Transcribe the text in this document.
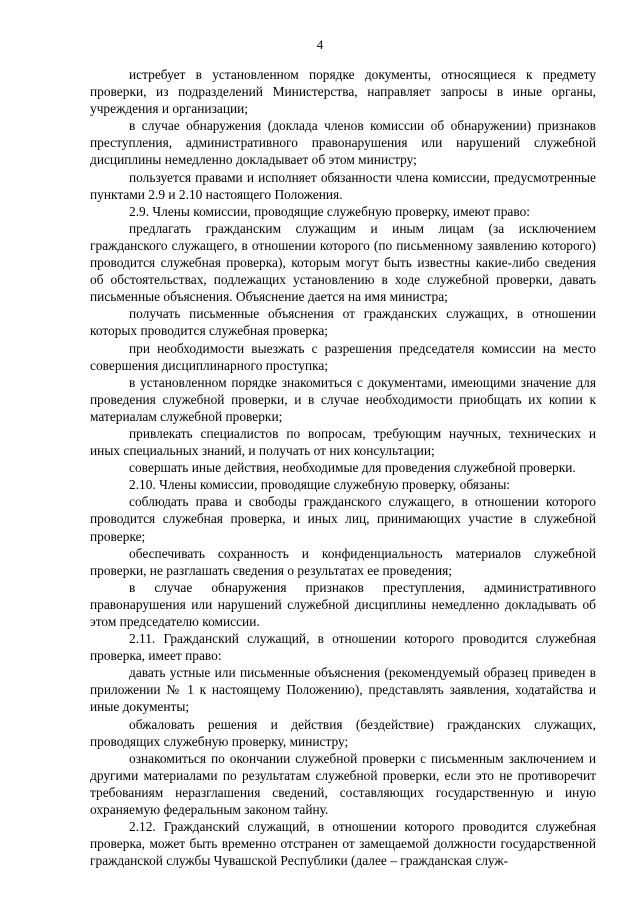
4

истребует в установленном порядке документы, относящиеся к предмету проверки, из подразделений Министерства, направляет запросы в иные органы, учреждения и организации;

в случае обнаружения (доклада членов комиссии об обнаружении) признаков преступления, административного правонарушения или нарушений служебной дисциплины немедленно докладывает об этом министру;

пользуется правами и исполняет обязанности члена комиссии, предусмотренные пунктами 2.9 и 2.10 настоящего Положения.

2.9. Члены комиссии, проводящие служебную проверку, имеют право:

предлагать гражданским служащим и иным лицам (за исключением гражданского служащего, в отношении которого (по письменному заявлению которого) проводится служебная проверка), которым могут быть известны какие-либо сведения об обстоятельствах, подлежащих установлению в ходе служебной проверки, давать письменные объяснения. Объяснение дается на имя министра;

получать письменные объяснения от гражданских служащих, в отношении которых проводится служебная проверка;

при необходимости выезжать с разрешения председателя комиссии на место совершения дисциплинарного проступка;

в установленном порядке знакомиться с документами, имеющими значение для проведения служебной проверки, и в случае необходимости приобщать их копии к материалам служебной проверки;

привлекать специалистов по вопросам, требующим научных, технических и иных специальных знаний, и получать от них консультации;

совершать иные действия, необходимые для проведения служебной проверки.

2.10. Члены комиссии, проводящие служебную проверку, обязаны:

соблюдать права и свободы гражданского служащего, в отношении которого проводится служебная проверка, и иных лиц, принимающих участие в служебной проверке;

обеспечивать сохранность и конфиденциальность материалов служебной проверки, не разглашать сведения о результатах ее проведения;

в случае обнаружения признаков преступления, административного правонарушения или нарушений служебной дисциплины немедленно докладывать об этом председателю комиссии.

2.11. Гражданский служащий, в отношении которого проводится служебная проверка, имеет право:

давать устные или письменные объяснения (рекомендуемый образец приведен в приложении № 1 к настоящему Положению), представлять заявления, ходатайства и иные документы;

обжаловать решения и действия (бездействие) гражданских служащих, проводящих служебную проверку, министру;

ознакомиться по окончании служебной проверки с письменным заключением и другими материалами по результатам служебной проверки, если это не противоречит требованиям неразглашения сведений, составляющих государственную и иную охраняемую федеральным законом тайну.

2.12. Гражданский служащий, в отношении которого проводится служебная проверка, может быть временно отстранен от замещаемой должности государственной гражданской службы Чувашской Республики (далее – гражданская служ-
